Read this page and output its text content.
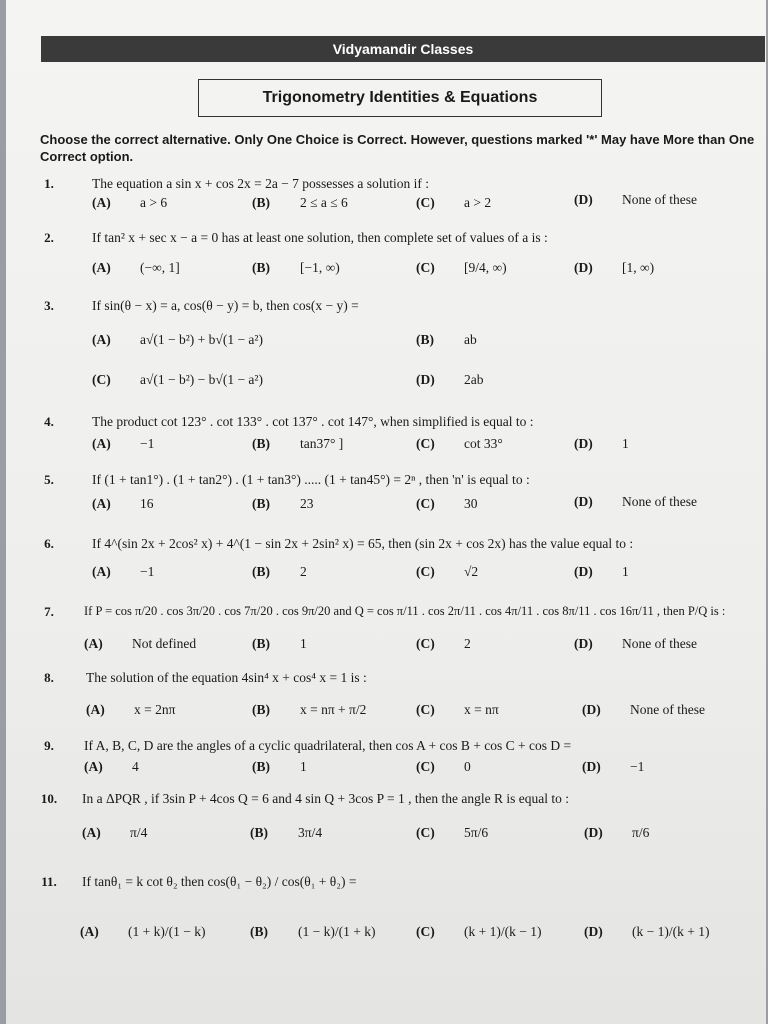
Vidyamandir Classes
Trigonometry Identities & Equations
Choose the correct alternative. Only One Choice is Correct. However, questions marked '*' May have More than One Correct option.
1.	The equation a sin x + cos 2x = 2a − 7 possesses a solution if :
(A)	a > 6	(B)	2 ≤ a ≤ 6	(C)	a > 2	(D)	None of these
2.	If tan² x + sec x − a = 0 has at least one solution, then complete set of values of a is :
(A)	(−∞, 1]	(B)	[−1, ∞)	(C)	[9/4, ∞)	(D)	[1, ∞)
3.	If sin(θ − x) = a, cos(θ − y) = b, then cos(x − y) =
(A)	a√(1 − b²) + b√(1 − a²)	(B)	ab
(C)	a√(1 − b²) − b√(1 − a²)	(D)	2ab
4.	The product cot 123° . cot 133° . cot 137° . cot 147°, when simplified is equal to :
(A)	−1	(B)	tan37° ]	(C)	cot 33°	(D)	1
5.	If (1 + tan1°) . (1 + tan2°) . (1 + tan3°) ..... (1 + tan45°) = 2ⁿ , then 'n' is equal to :
(A)	16	(B)	23	(C)	30	(D)	None of these
6.	If 4^(sin 2x + 2cos² x) + 4^(1 − sin 2x + 2sin² x) = 65, then (sin 2x + cos 2x) has the value equal to :
(A)	−1	(B)	2	(C)	√2	(D)	1
7.	If P = cos π/20 . cos 3π/20 . cos 7π/20 . cos 9π/20 and Q = cos π/11 . cos 2π/11 . cos 4π/11 . cos 8π/11 . cos 16π/11 , then P/Q is :
(A)	Not defined	(B)	1	(C)	2	(D)	None of these
8.	The solution of the equation 4sin⁴ x + cos⁴ x = 1 is :
(A)	x = 2nπ	(B)	x = nπ + π/2	(C)	x = nπ	(D)	None of these
9.	If A, B, C, D are the angles of a cyclic quadrilateral, then cos A + cos B + cos C + cos D =
(A)	4	(B)	1	(C)	0	(D)	−1
10.	In a ΔPQR , if 3sin P + 4cos Q = 6 and 4 sin Q + 3cos P = 1 , then the angle R is equal to :
(A)	π/4	(B)	3π/4	(C)	5π/6	(D)	π/6
11.	If tanθ₁ = k cot θ₂ then cos(θ₁ − θ₂) / cos(θ₁ + θ₂) =
(A)	(1 + k)/(1 − k)	(B)	(1 − k)/(1 + k)	(C)	(k + 1)/(k − 1)	(D)	(k − 1)/(k + 1)
